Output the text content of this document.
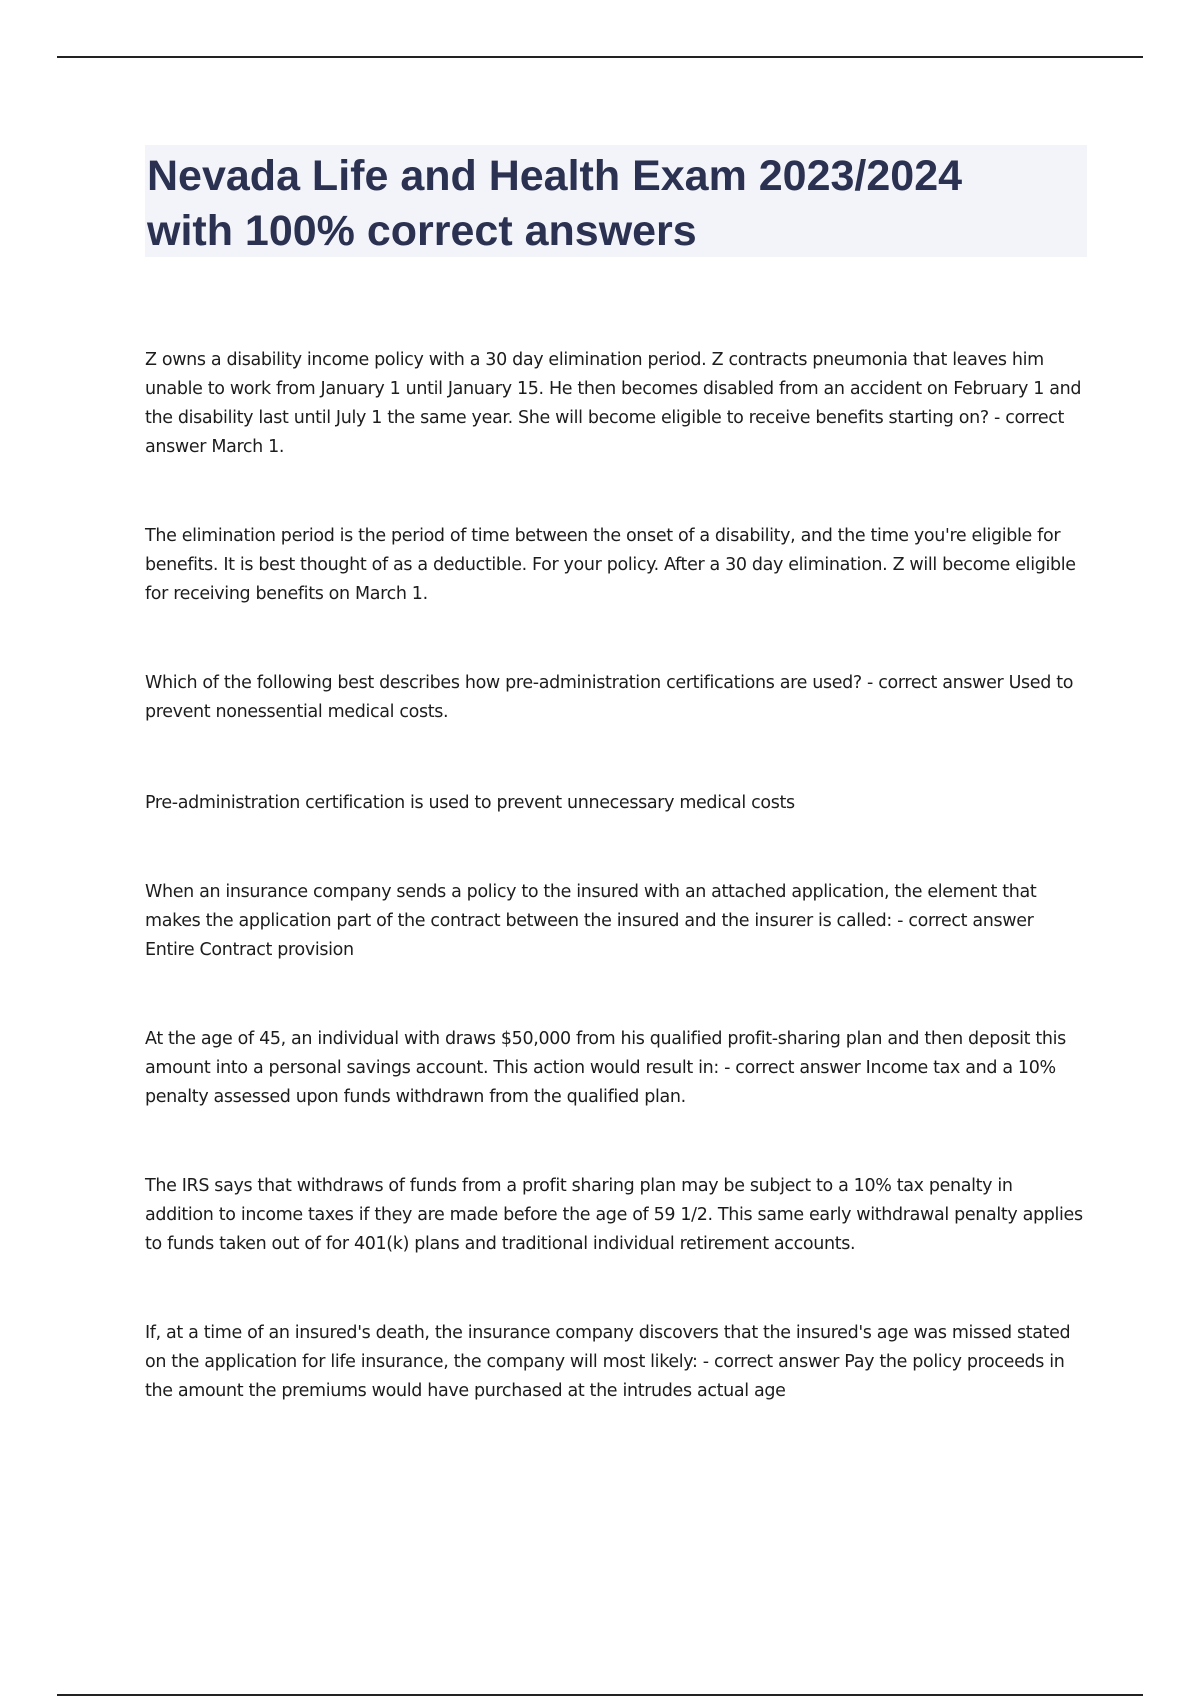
Nevada Life and Health Exam 2023/2024
with 100% correct answers

Z owns a disability income policy with a 30 day elimination period. Z contracts pneumonia that leaves him unable to work from January 1 until January 15. He then becomes disabled from an accident on February 1 and the disability last until July 1 the same year. She will become eligible to receive benefits starting on? - correct answer March 1.

The elimination period is the period of time between the onset of a disability, and the time you're eligible for benefits. It is best thought of as a deductible. For your policy. After a 30 day elimination. Z will become eligible for receiving benefits on March 1.

Which of the following best describes how pre-administration certifications are used? - correct answer Used to prevent nonessential medical costs.

Pre-administration certification is used to prevent unnecessary medical costs

When an insurance company sends a policy to the insured with an attached application, the element that makes the application part of the contract between the insured and the insurer is called: - correct answer Entire Contract provision

At the age of 45, an individual with draws $50,000 from his qualified profit-sharing plan and then deposit this amount into a personal savings account. This action would result in: - correct answer Income tax and a 10% penalty assessed upon funds withdrawn from the qualified plan.

The IRS says that withdraws of funds from a profit sharing plan may be subject to a 10% tax penalty in addition to income taxes if they are made before the age of 59 1/2. This same early withdrawal penalty applies to funds taken out of for 401(k) plans and traditional individual retirement accounts.

If, at a time of an insured's death, the insurance company discovers that the insured's age was missed stated on the application for life insurance, the company will most likely: - correct answer Pay the policy proceeds in the amount the premiums would have purchased at the intrudes actual age
